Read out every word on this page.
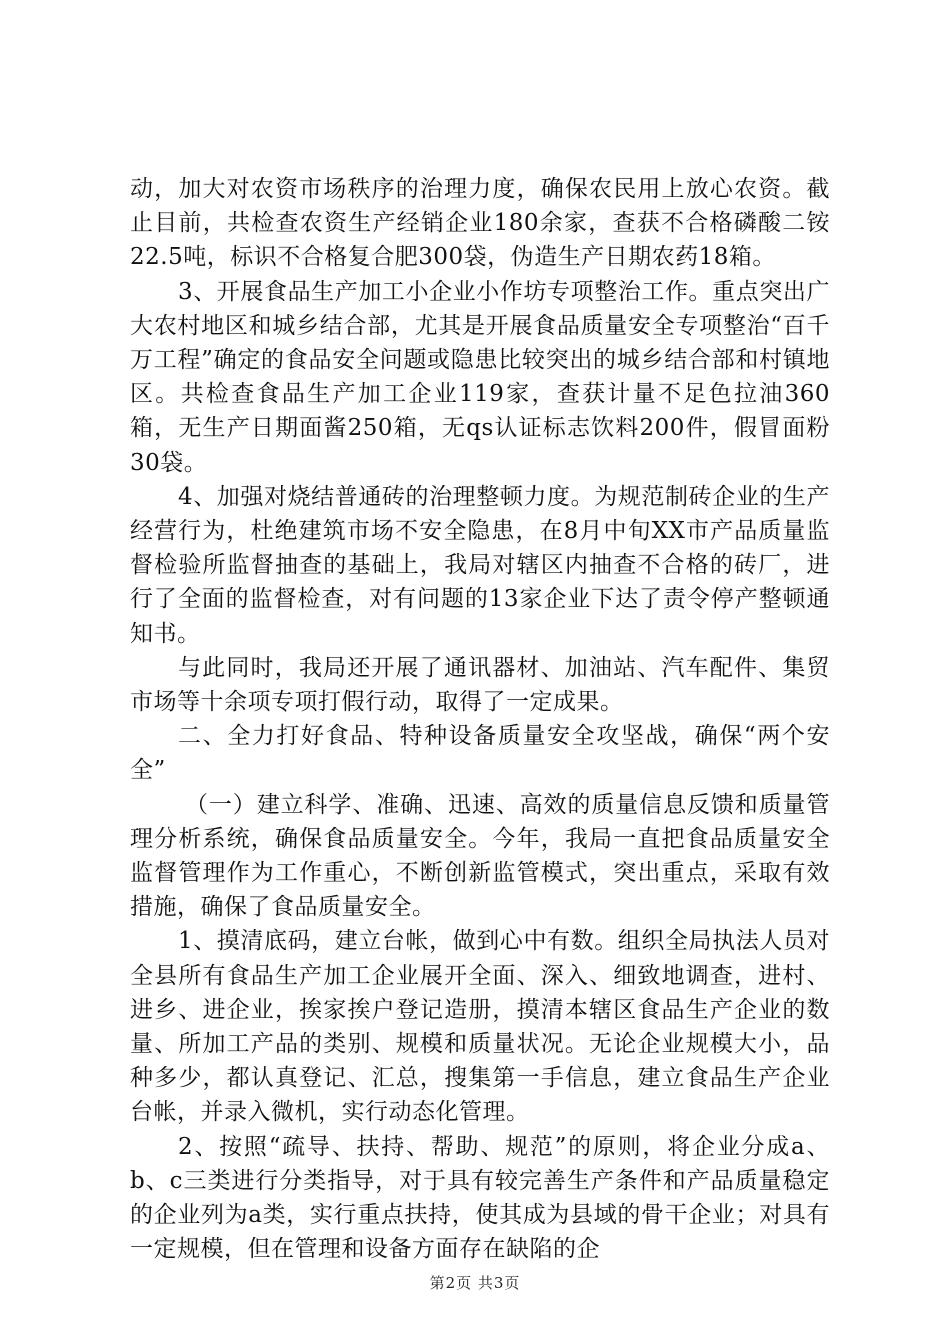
动，加大对农资市场秩序的治理力度，确保农民用上放心农资。截止目前，共检查农资生产经销企业180余家，查获不合格磷酸二铵22.5吨，标识不合格复合肥300袋，伪造生产日期农药18箱。

3、开展食品生产加工小企业小作坊专项整治工作。重点突出广大农村地区和城乡结合部，尤其是开展食品质量安全专项整治“百千万工程”确定的食品安全问题或隐患比较突出的城乡结合部和村镇地区。共检查食品生产加工企业119家，查获计量不足色拉油360箱，无生产日期面酱250箱，无qs认证标志饮料200件，假冒面粉30袋。

4、加强对烧结普通砖的治理整顿力度。为规范制砖企业的生产经营行为，杜绝建筑市场不安全隐患，在8月中旬XX市产品质量监督检验所监督抽查的基础上，我局对辖区内抽查不合格的砖厂，进行了全面的监督检查，对有问题的13家企业下达了责令停产整顿通知书。

与此同时，我局还开展了通讯器材、加油站、汽车配件、集贸市场等十余项专项打假行动，取得了一定成果。

二、全力打好食品、特种设备质量安全攻坚战，确保“两个安全”

（一）建立科学、准确、迅速、高效的质量信息反馈和质量管理分析系统，确保食品质量安全。今年，我局一直把食品质量安全监督管理作为工作重心，不断创新监管模式，突出重点，采取有效措施，确保了食品质量安全。

1、摸清底码，建立台帐，做到心中有数。组织全局执法人员对全县所有食品生产加工企业展开全面、深入、细致地调查，进村、进乡、进企业，挨家挨户登记造册，摸清本辖区食品生产企业的数量、所加工产品的类别、规模和质量状况。无论企业规模大小，品种多少，都认真登记、汇总，搜集第一手信息，建立食品生产企业台帐，并录入微机，实行动态化管理。

2、按照“疏导、扶持、帮助、规范”的原则，将企业分成a、b、c三类进行分类指导，对于具有较完善生产条件和产品质量稳定的企业列为a类，实行重点扶持，使其成为县域的骨干企业；对具有一定规模，但在管理和设备方面存在缺陷的企

第2页 共3页
